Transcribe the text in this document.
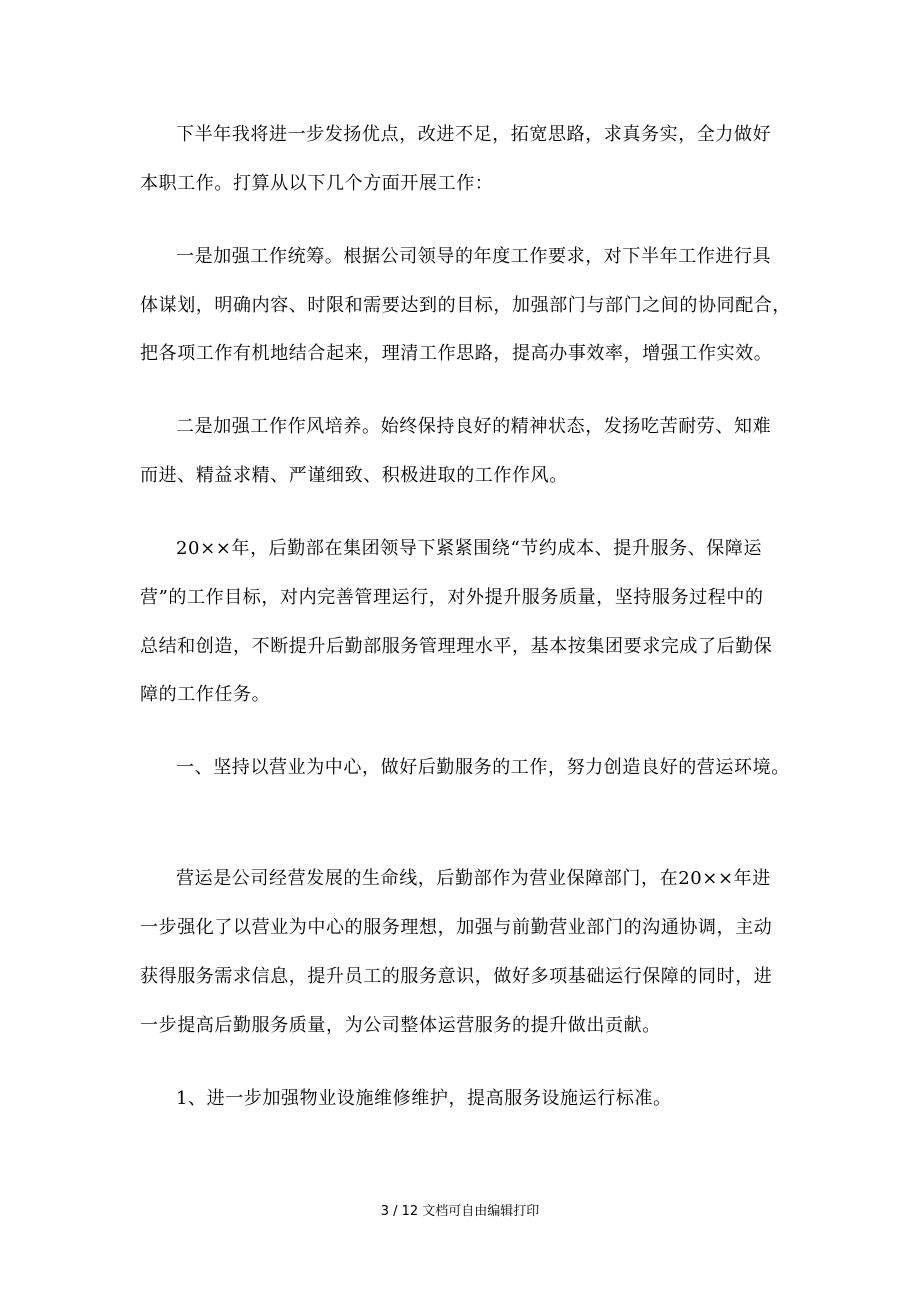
下半年我将进一步发扬优点，改进不足，拓宽思路，求真务实，全力做好
本职工作。打算从以下几个方面开展工作：
一是加强工作统筹。根据公司领导的年度工作要求，对下半年工作进行具
体谋划，明确内容、时限和需要达到的目标，加强部门与部门之间的协同配合，
把各项工作有机地结合起来，理清工作思路，提高办事效率，增强工作实效。
二是加强工作作风培养。始终保持良好的精神状态，发扬吃苦耐劳、知难
而进、精益求精、严谨细致、积极进取的工作作风。
20××年，后勤部在集团领导下紧紧围绕“节约成本、提升服务、保障运
营”的工作目标，对内完善管理运行，对外提升服务质量，坚持服务过程中的
总结和创造，不断提升后勤部服务管理理水平，基本按集团要求完成了后勤保
障的工作任务。
一、坚持以营业为中心，做好后勤服务的工作，努力创造良好的营运环境。
营运是公司经营发展的生命线，后勤部作为营业保障部门，在20××年进
一步强化了以营业为中心的服务理想，加强与前勤营业部门的沟通协调，主动
获得服务需求信息，提升员工的服务意识，做好多项基础运行保障的同时，进
一步提高后勤服务质量，为公司整体运营服务的提升做出贡献。
1、进一步加强物业设施维修维护，提高服务设施运行标准。
3 / 12 文档可自由编辑打印
